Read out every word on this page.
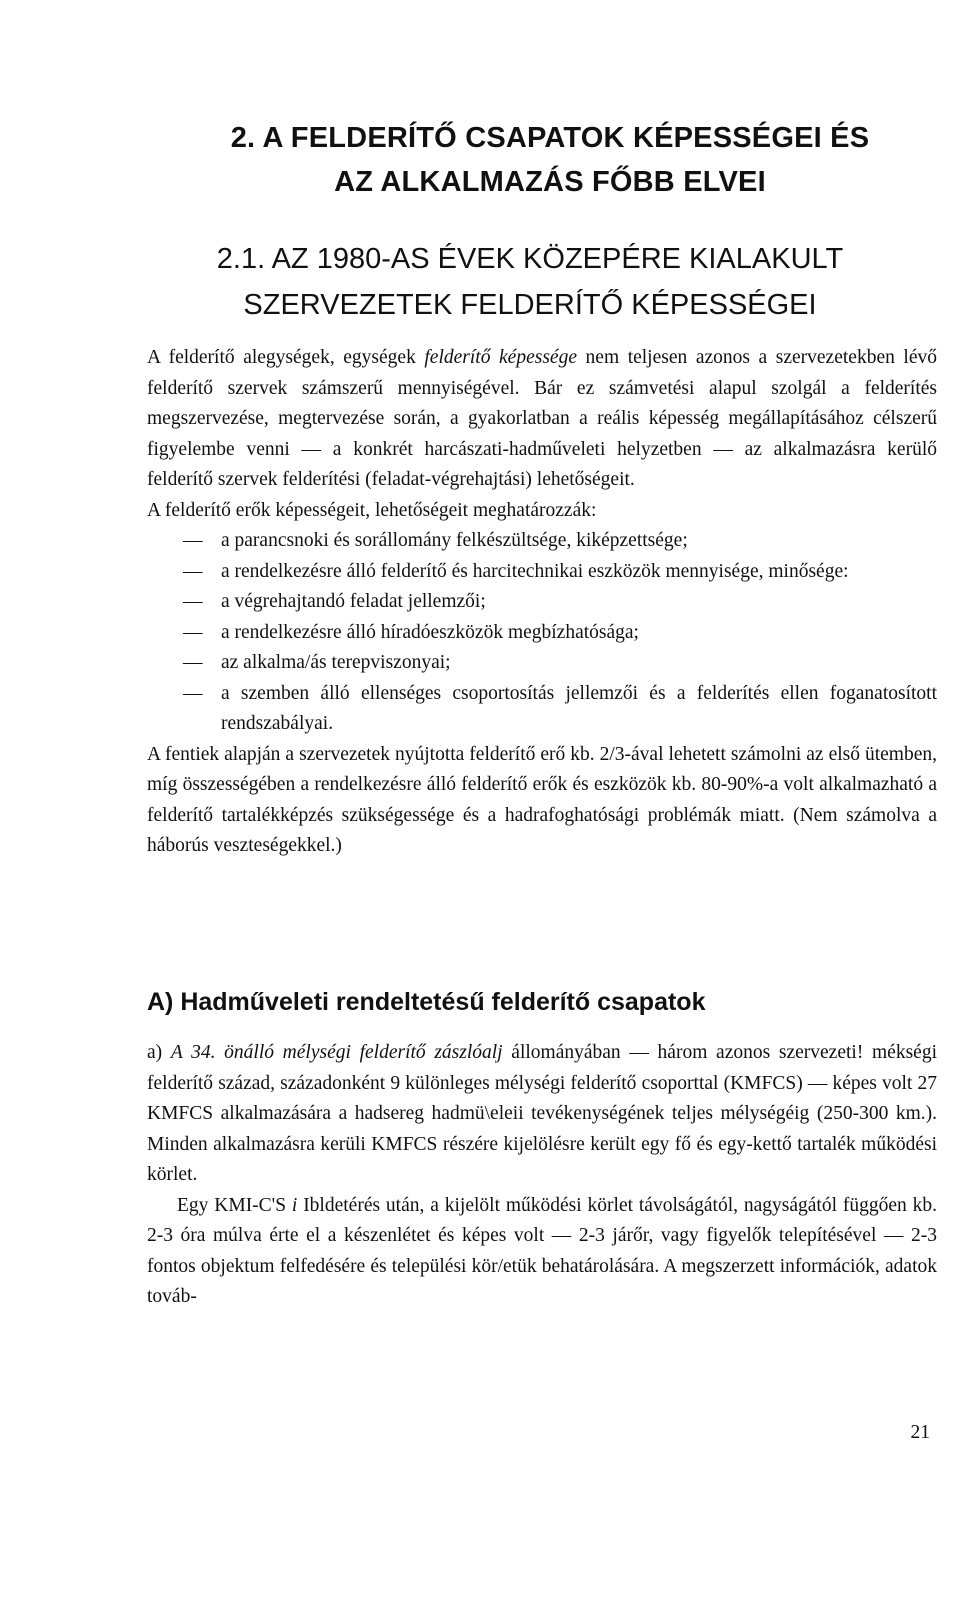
2. A FELDERÍTŐ CSAPATOK KÉPESSÉGEI ÉS
AZ ALKALMAZÁS FŐBB ELVEI
2.1. AZ 1980-AS ÉVEK KÖZEPÉRE KIALAKULT
SZERVEZETEK FELDERÍTŐ KÉPESSÉGEI

A felderítő alegységek, egységek felderítő képessége nem teljesen azonos a szervezetekben lévő felderítő szervek számszerű mennyiségével. Bár ez számvetési alapul szolgál a felderítés megszervezése, megtervezése során, a gyakorlatban a reális képesség megállapításához célszerű figyelembe venni — a konkrét harcászati-hadműveleti helyzetben — az alkalmazásra kerülő felderítő szervek felderítési (feladat-végrehajtási) lehetőségeit.

A felderítő erők képességeit, lehetőségeit meghatározzák:

— a parancsnoki és sorállomány felkészültsége, kiképzettsége;
— a rendelkezésre álló felderítő és harcitechnikai eszközök mennyisége, minősége:
— a végrehajtandó feladat jellemzői;
— a rendelkezésre álló híradóeszközök megbízhatósága;
— az alkalma/ás terepviszonyai;
— a szemben álló ellenséges csoportosítás jellemzői és a felderítés ellen foganatosított rendszabályai.

A fentiek alapján a szervezetek nyújtotta felderítő erő kb. 2/3-ával lehetett számolni az első ütemben, míg összességében a rendelkezésre álló felderítő erők és eszközök kb. 80-90%-a volt alkalmazható a felderítő tartalékképzés szükségessége és a hadrafoghatósági problémák miatt. (Nem számolva a háborús veszteségekkel.)

A) Hadműveleti rendeltetésű felderítő csapatok

a) A 34. önálló mélységi felderítő zászlóalj állományában — három azonos szervezeti! mékségi felderítő század, századonként 9 különleges mélységi felderítő csoporttal (KMFCS) — képes volt 27 KMFCS alkalmazására a hadsereg hadmü\eleii tevékenységének teljes mélységéig (250-300 km.). Minden alkalmazásra kerüli KMFCS részére kijelölésre került egy fő és egy-kettő tartalék működési körlet.

Egy KMI-C'S i Ibldetérés után, a kijelölt működési körlet távolságától, nagyságától függően kb. 2-3 óra múlva érte el a készenlétet és képes volt — 2-3 járőr, vagy figyelők telepítésével — 2-3 fontos objektum felfedésére és települési kör/etük behatárolására. A megszerzett információk, adatok továb-

21
